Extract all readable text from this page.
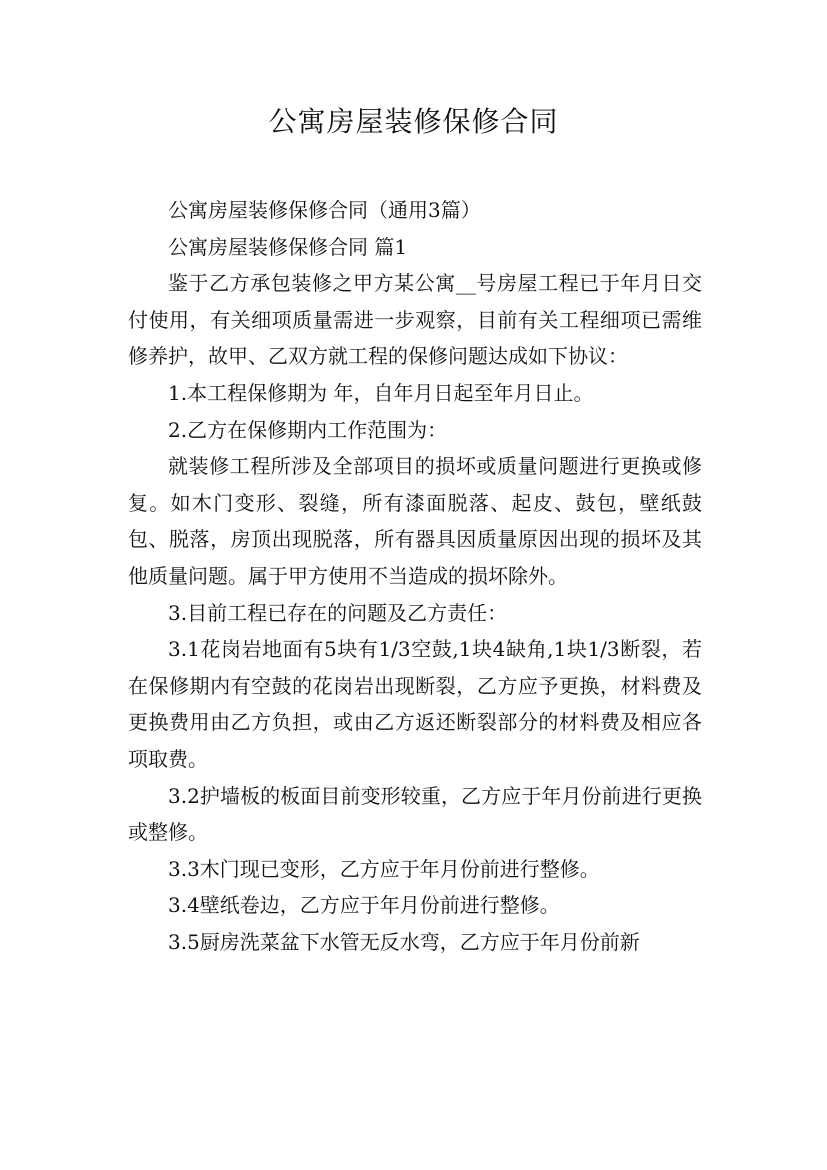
公寓房屋装修保修合同

公寓房屋装修保修合同（通用3篇）

公寓房屋装修保修合同 篇1

鉴于乙方承包装修之甲方某公寓__号房屋工程已于年月日交付使用，有关细项质量需进一步观察，目前有关工程细项已需维修养护，故甲、乙双方就工程的保修问题达成如下协议：

1.本工程保修期为 年，自年月日起至年月日止。

2.乙方在保修期内工作范围为：

就装修工程所涉及全部项目的损坏或质量问题进行更换或修复。如木门变形、裂缝，所有漆面脱落、起皮、鼓包，壁纸鼓包、脱落，房顶出现脱落，所有器具因质量原因出现的损坏及其他质量问题。属于甲方使用不当造成的损坏除外。

3.目前工程已存在的问题及乙方责任：

3.1花岗岩地面有5块有1/3空鼓,1块4缺角,1块1/3断裂，若在保修期内有空鼓的花岗岩出现断裂，乙方应予更换，材料费及更换费用由乙方负担，或由乙方返还断裂部分的材料费及相应各项取费。

3.2护墙板的板面目前变形较重，乙方应于年月份前进行更换或整修。

3.3木门现已变形，乙方应于年月份前进行整修。

3.4壁纸卷边，乙方应于年月份前进行整修。

3.5厨房洗菜盆下水管无反水弯，乙方应于年月份前新
